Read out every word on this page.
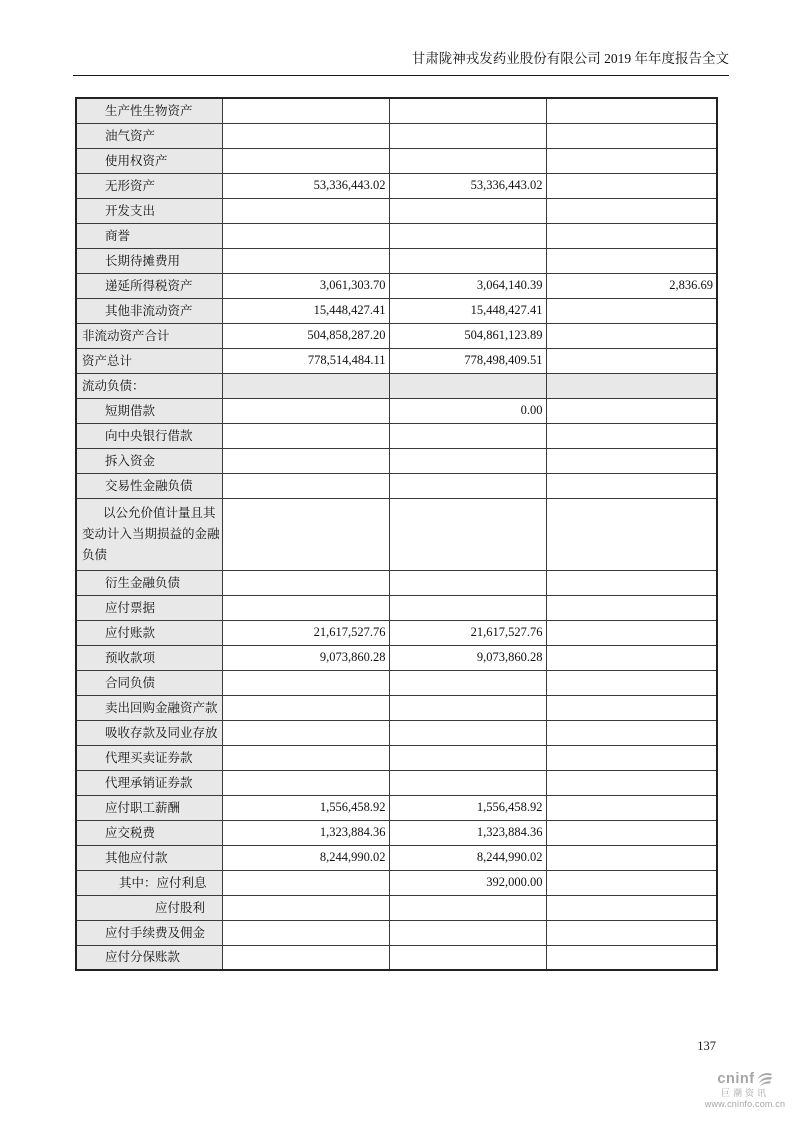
甘肃陇神戎发药业股份有限公司 2019 年年度报告全文
生产性生物资产			
油气资产			
使用权资产			
无形资产	53,336,443.02	53,336,443.02	
开发支出			
商誉			
长期待摊费用			
递延所得税资产	3,061,303.70	3,064,140.39	2,836.69
其他非流动资产	15,448,427.41	15,448,427.41	
非流动资产合计	504,858,287.20	504,861,123.89	
资产总计	778,514,484.11	778,498,409.51	
流动负债：			
短期借款		0.00	
向中央银行借款			
拆入资金			
交易性金融负债			
以公允价值计量且其变动计入当期损益的金融负债			
衍生金融负债			
应付票据			
应付账款	21,617,527.76	21,617,527.76	
预收款项	9,073,860.28	9,073,860.28	
合同负债			
卖出回购金融资产款			
吸收存款及同业存放			
代理买卖证券款			
代理承销证券款			
应付职工薪酬	1,556,458.92	1,556,458.92	
应交税费	1,323,884.36	1,323,884.36	
其他应付款	8,244,990.02	8,244,990.02	
其中：应付利息		392,000.00	
应付股利			
应付手续费及佣金			
应付分保账款			
137
cninf
巨潮资讯
www.cninfo.com.cn
